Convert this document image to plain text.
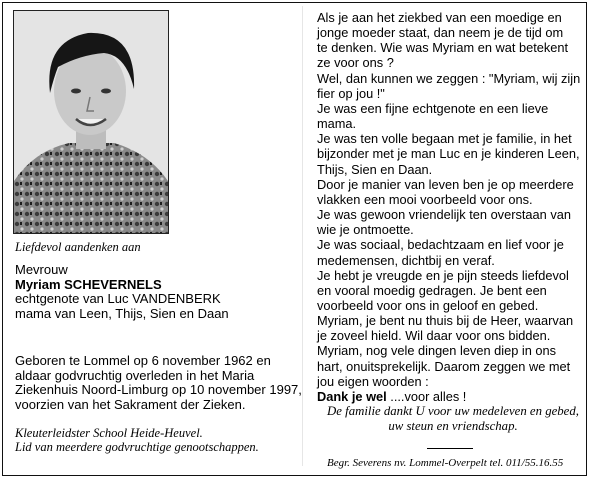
Liefdevol aandenken aan
Mevrouw
Myriam SCHEVERNELS
echtgenote van Luc VANDENBERK
mama van Leen, Thijs, Sien en Daan
Geboren te Lommel op 6 november 1962 en
aldaar godvruchtig overleden in het Maria
Ziekenhuis Noord-Limburg op 10 november 1997,
voorzien van het Sakrament der Zieken.
Kleuterleidster School Heide-Heuvel.
Lid van meerdere godvruchtige genootschappen.
Als je aan het ziekbed van een moedige en
jonge moeder staat, dan neem je de tijd om
te denken. Wie was Myriam en wat betekent
ze voor ons ?
Wel, dan kunnen we zeggen : "Myriam, wij zijn
fier op jou !"
Je was een fijne echtgenote en een lieve
mama.
Je was ten volle begaan met je familie, in het
bijzonder met je man Luc en je kinderen Leen,
Thijs, Sien en Daan.
Door je manier van leven ben je op meerdere
vlakken een mooi voorbeeld voor ons.
Je was gewoon vriendelijk ten overstaan van
wie je ontmoette.
Je was sociaal, bedachtzaam en lief voor je
medemensen, dichtbij en veraf.
Je hebt je vreugde en je pijn steeds liefdevol
en vooral moedig gedragen. Je bent een
voorbeeld voor ons in geloof en gebed.
Myriam, je bent nu thuis bij de Heer, waarvan
je zoveel hield. Wil daar voor ons bidden.
Myriam, nog vele dingen leven diep in ons
hart, onuitsprekelijk. Daarom zeggen we met
jou eigen woorden :
Dank je wel ....voor alles !
De familie dankt U voor uw medeleven en gebed,
uw steun en vriendschap.
Begr. Severens nv. Lommel-Overpelt tel. 011/55.16.55
